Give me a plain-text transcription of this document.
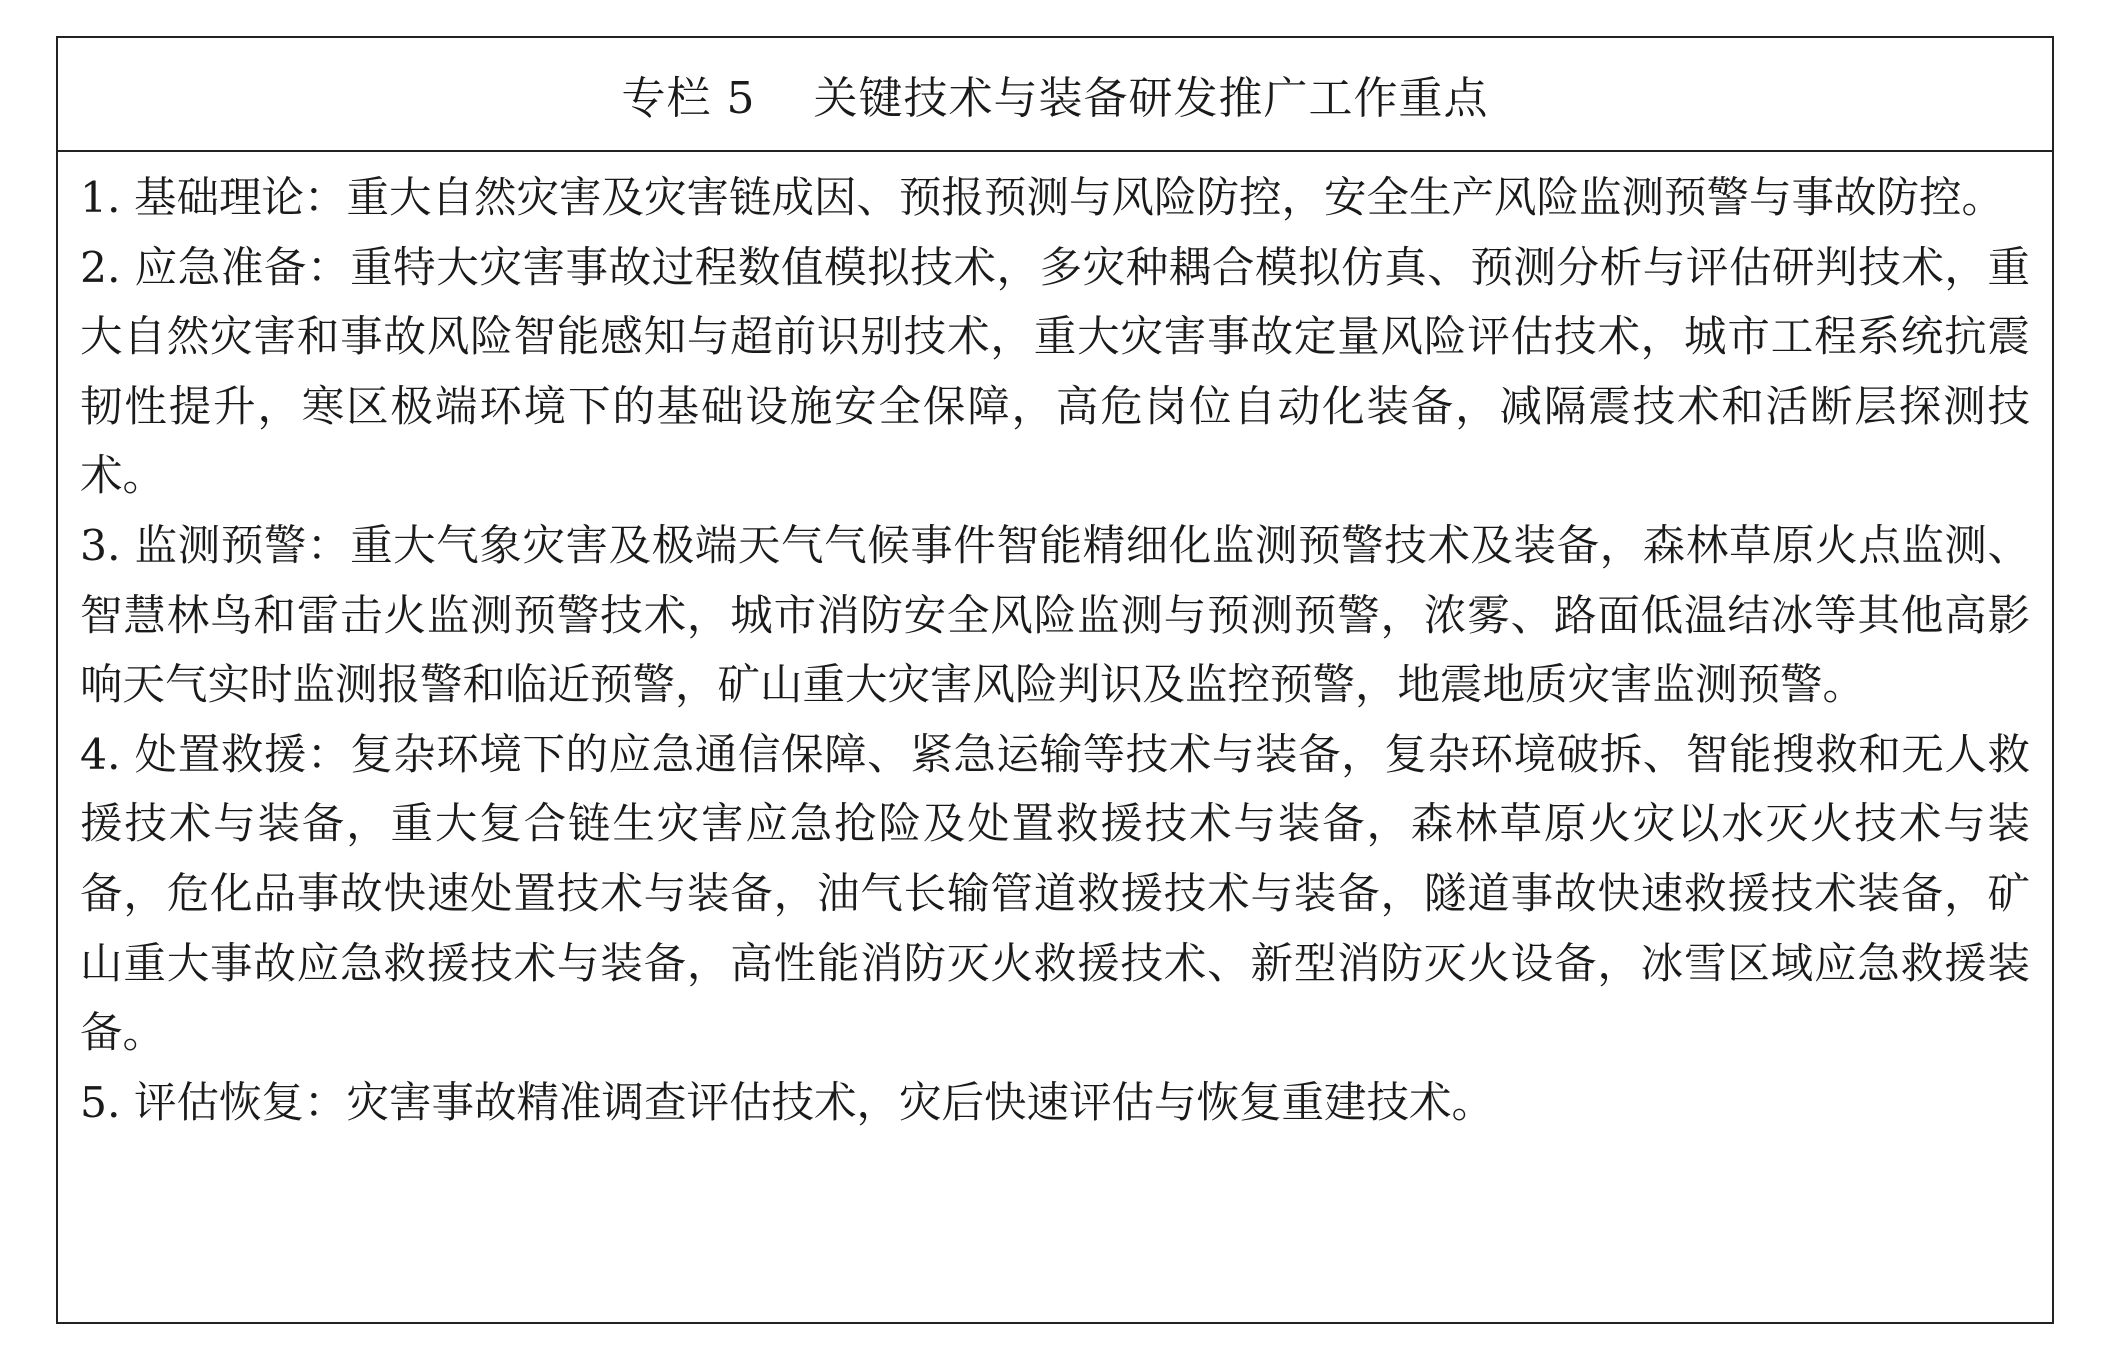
专栏 5 关键技术与装备研发推广工作重点

1. 基础理论：重大自然灾害及灾害链成因、预报预测与风险防控，安全生产风险监测预警与事故防控。

2. 应急准备：重特大灾害事故过程数值模拟技术，多灾种耦合模拟仿真、预测分析与评估研判技术，重大自然灾害和事故风险智能感知与超前识别技术，重大灾害事故定量风险评估技术，城市工程系统抗震韧性提升，寒区极端环境下的基础设施安全保障，高危岗位自动化装备，减隔震技术和活断层探测技术。

3. 监测预警：重大气象灾害及极端天气气候事件智能精细化监测预警技术及装备，森林草原火点监测、智慧林鸟和雷击火监测预警技术，城市消防安全风险监测与预测预警，浓雾、路面低温结冰等其他高影响天气实时监测报警和临近预警，矿山重大灾害风险判识及监控预警，地震地质灾害监测预警。

4. 处置救援：复杂环境下的应急通信保障、紧急运输等技术与装备，复杂环境破拆、智能搜救和无人救援技术与装备，重大复合链生灾害应急抢险及处置救援技术与装备，森林草原火灾以水灭火技术与装备，危化品事故快速处置技术与装备，油气长输管道救援技术与装备，隧道事故快速救援技术装备，矿山重大事故应急救援技术与装备，高性能消防灭火救援技术、新型消防灭火设备，冰雪区域应急救援装备。

5. 评估恢复：灾害事故精准调查评估技术，灾后快速评估与恢复重建技术。
